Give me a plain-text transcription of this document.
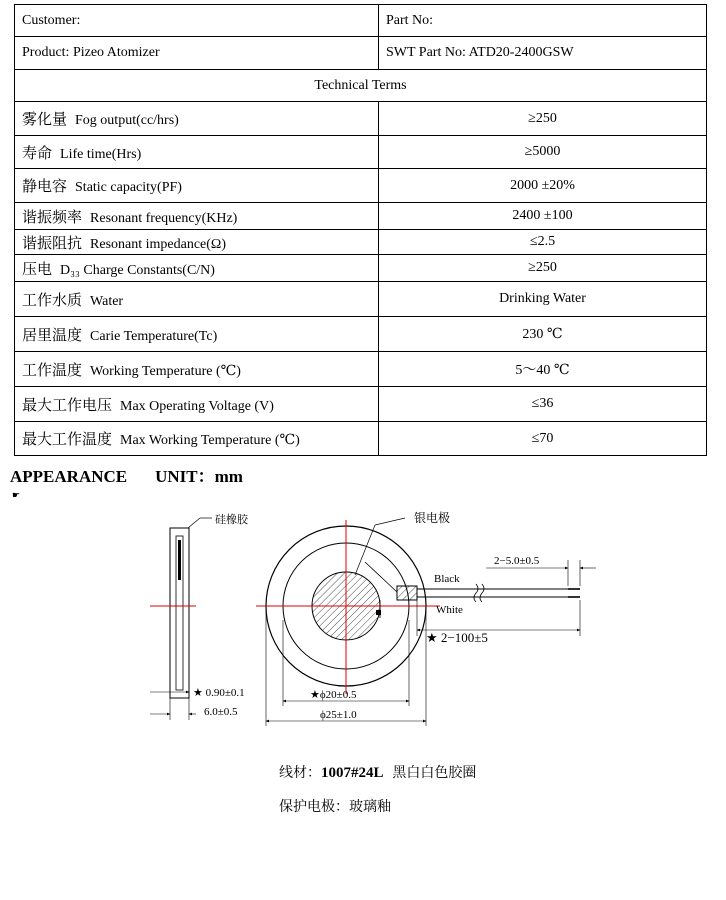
Customer:	Part No:
Product: Pizeo Atomizer	SWT Part No: ATD20-2400GSW
Technical Terms	
雾化量 Fog output(cc/hrs)	≥250
寿命 Life time(Hrs)	≥5000
静电容 Static capacity(PF)	2000 ±20%
谐振频率 Resonant frequency(KHz)	2400 ±100
谐振阻抗 Resonant impedance(Ω)	≤2.5
压电 D₃₃ Charge Constants(C/N)	≥250
工作水质 Water	Drinking Water
居里温度 Carie Temperature(Tc)	230 ℃
工作温度 Working Temperature (℃)	5～40 ℃
最大工作电压 Max Operating Voltage (V)	≤36
最大工作温度 Max Working Temperature (℃)	≤70
APPEARANCE UNIT：mm
☛
硅橡胶
★ 0.90±0.1
6.0±0.5
银电极
Black
White
2−5.0±0.5
★ 2−100±5
★ϕ20±0.5
ϕ25±1.0
线材：1007#24L 黑白白色胶圈
保护电极：玻璃釉
